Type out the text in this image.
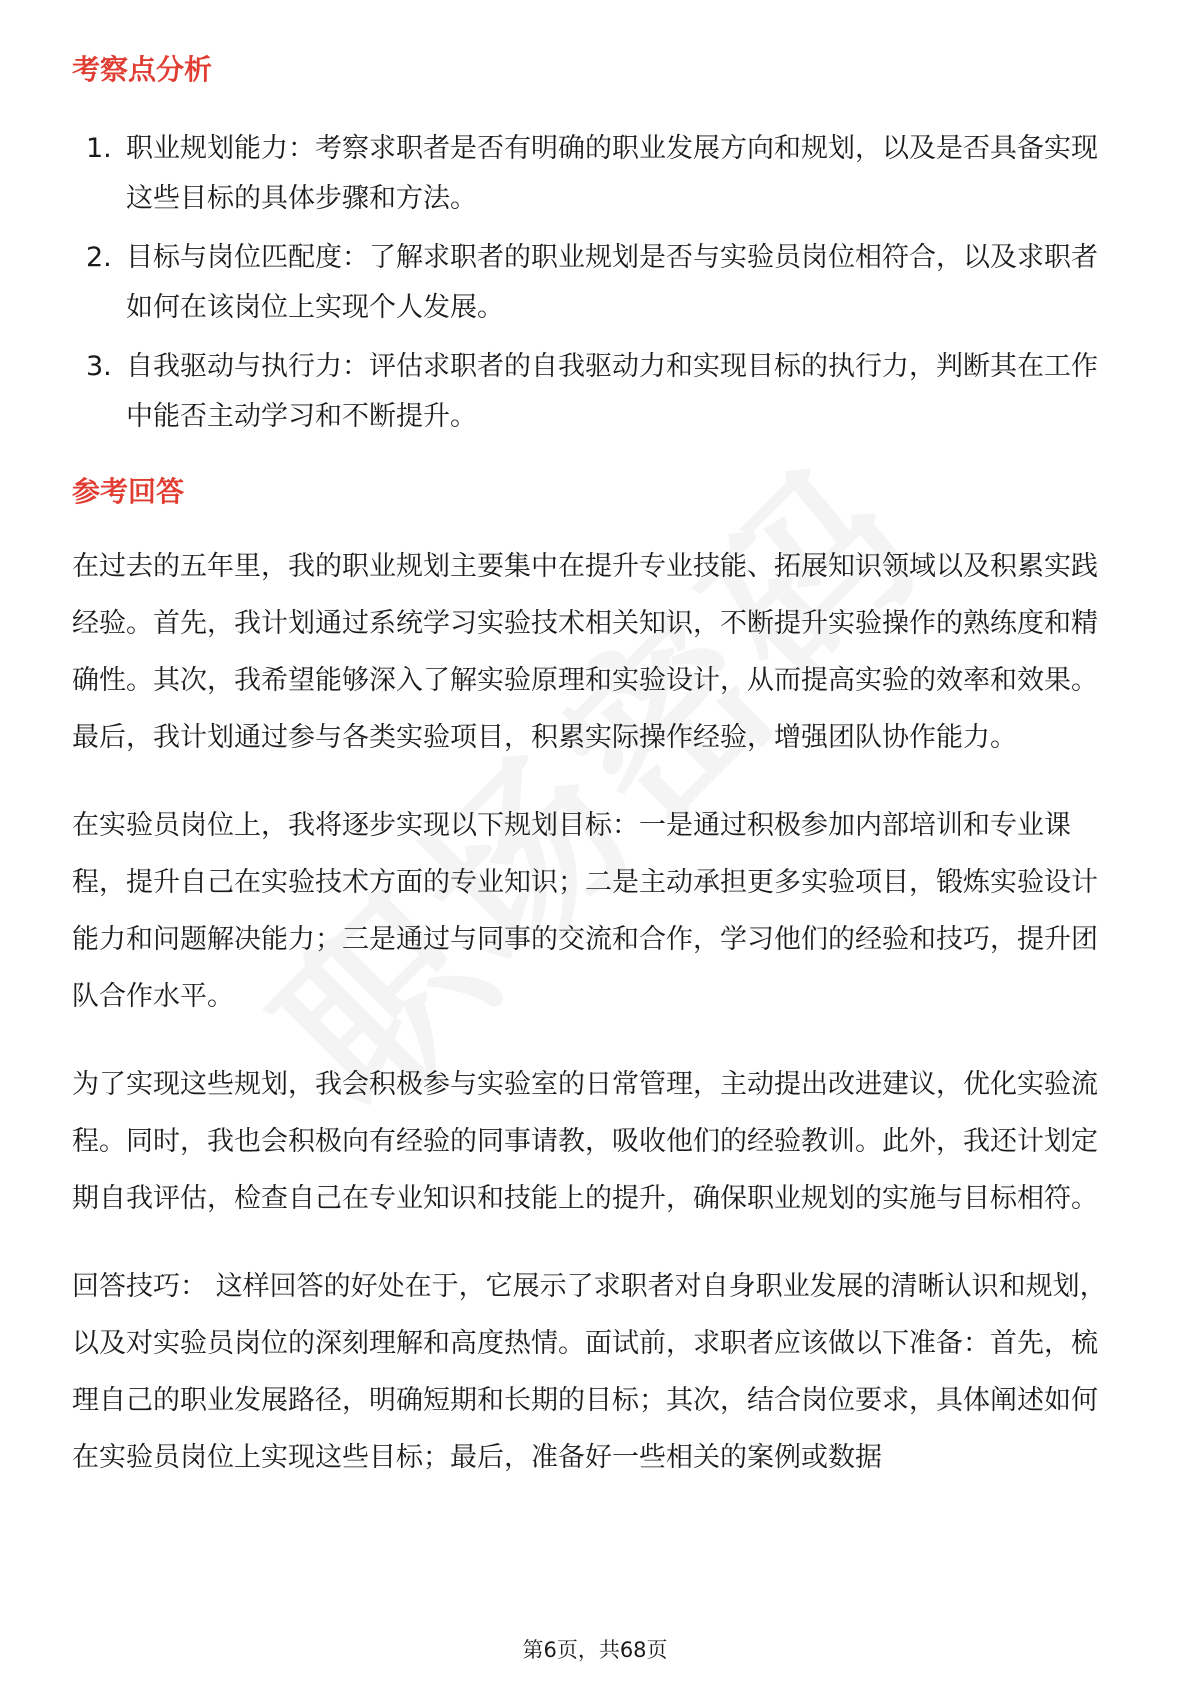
考察点分析
1. 职业规划能力：考察求职者是否有明确的职业发展方向和规划，以及是否具备实现这些目标的具体步骤和方法。
2. 目标与岗位匹配度：了解求职者的职业规划是否与实验员岗位相符合，以及求职者如何在该岗位上实现个人发展。
3. 自我驱动与执行力：评估求职者的自我驱动力和实现目标的执行力，判断其在工作中能否主动学习和不断提升。
参考回答

在过去的五年里，我的职业规划主要集中在提升专业技能、拓展知识领域以及积累实践经验。首先，我计划通过系统学习实验技术相关知识，不断提升实验操作的熟练度和精确性。其次，我希望能够深入了解实验原理和实验设计，从而提高实验的效率和效果。最后，我计划通过参与各类实验项目，积累实际操作经验，增强团队协作能力。

在实验员岗位上，我将逐步实现以下规划目标：一是通过积极参加内部培训和专业课程，提升自己在实验技术方面的专业知识；二是主动承担更多实验项目，锻炼实验设计能力和问题解决能力；三是通过与同事的交流和合作，学习他们的经验和技巧，提升团队合作水平。

为了实现这些规划，我会积极参与实验室的日常管理，主动提出改进建议，优化实验流程。同时，我也会积极向有经验的同事请教，吸收他们的经验教训。此外，我还计划定期自我评估，检查自己在专业知识和技能上的提升，确保职业规划的实施与目标相符。

回答技巧： 这样回答的好处在于，它展示了求职者对自身职业发展的清晰认识和规划，以及对实验员岗位的深刻理解和高度热情。面试前，求职者应该做以下准备：首先，梳理自己的职业发展路径，明确短期和长期的目标；其次，结合岗位要求，具体阐述如何在实验员岗位上实现这些目标；最后，准备好一些相关的案例或数据

第6页，共68页
